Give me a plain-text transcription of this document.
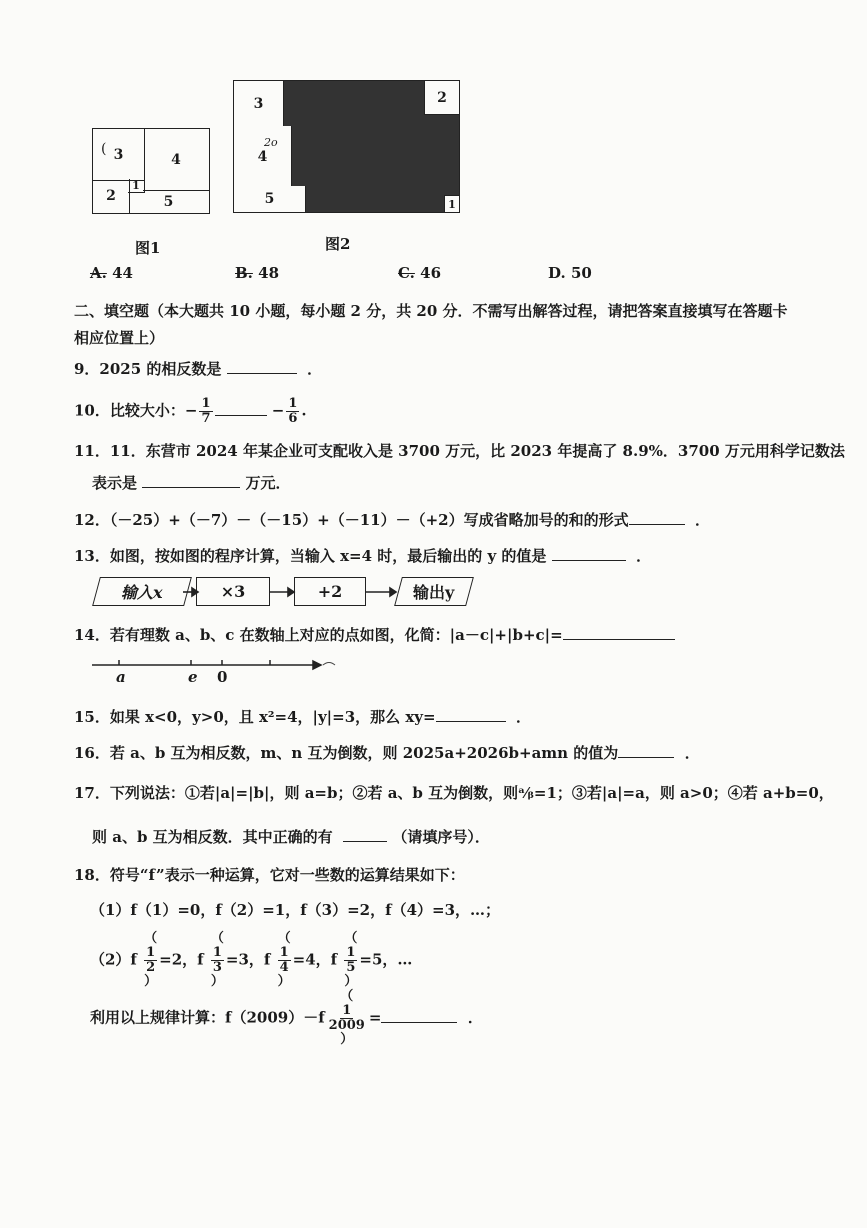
3	4
2
1
5
(
3
4
5
2
1
2o
图1	图2
A. 44	B. 48	C. 46	D. 50
二、填空题（本大题共 10 小题，每小题 2 分，共 20 分．不需写出解答过程，请把答案直接填写在答题卡
相应位置上）
9．2025 的相反数是	．
10．比较大小：− $\frac{1}{7}$	− $\frac{1}{6}$ .
11．11．东营市 2024 年某企业可支配收入是 3700 万元，比 2023 年提高了 8.9%．3700 万元用科学记数法
表示是	万元．
12．（－25）+（－7）－（－15）+（－11）－（+2）写成省略加号的和的形式	．
13．如图，按如图的程序计算，当输入 x=4 时，最后输出的 y 的值是	．
输入x	×3	+2	输出y
14．若有理数 a、b、c 在数轴上对应的点如图，化简：|a－c|+|b+c|=
a	e 0
15．如果 x<0，y>0，且 x²=4，|y|=3，那么 xy=	．
16．若 a、b 互为相反数，m、n 互为倒数，则 2025a+2026b+amn 的值为	．
17．下列说法：①若|a|=|b|，则 a=b；②若 a、b 互为倒数，则ᵃ⁄ᵦ=1；③若|a|=a，则 a>0；④若 a+b=0，
则 a、b 互为相反数．其中正确的有	（请填序号）．
18．符号“f”表示一种运算，它对一些数的运算结果如下：
（1）f（1）=0，f（2）=1，f（3）=2，f（4）=3，…；
（2）f （
$\frac{1}{2}$
）=2，f （
$\frac{1}{3}$
）=3，f （
$\frac{1}{4}$
）=4，f （
$\frac{1}{5}$
）=5，…
利用以上规律计算：f（2009）－f（
$\frac{1}{2009}$
）=	．
